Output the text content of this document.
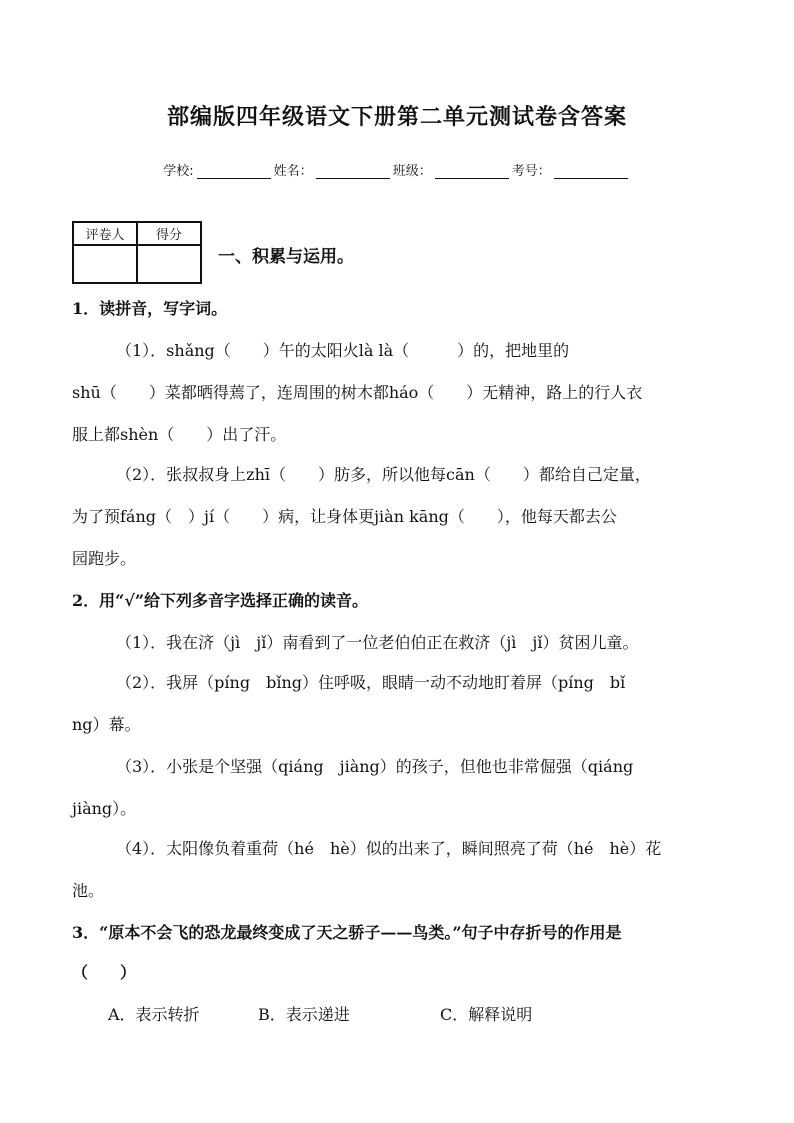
部编版四年级语文下册第二单元测试卷含答案
学校:	姓名：	班级：	考号：
评卷人	得分

一、积累与运用。
1．读拼音，写字词。
（1）．shǎng（　　）午的太阳火là là（　　　）的，把地里的
shū（　　）菜都晒得蔫了，连周围的树木都háo（　　）无精神，路上的行人衣
服上都shèn（　　）出了汗。
（2）．张叔叔身上zhī（　　）肪多，所以他每cān（　　）都给自己定量，
为了预fáng（　）jí（　　）病，让身体更jiàn kāng（　　），他每天都去公
园跑步。
2．用“√”给下列多音字选择正确的读音。
（1）．我在济（jì　jǐ）南看到了一位老伯伯正在救济（jì　jǐ）贫困儿童。
（2）．我屏（píng　bǐng）住呼吸，眼睛一动不动地盯着屏（píng　bǐ
ng）幕。
（3）．小张是个坚强（qiáng　jiàng）的孩子，但他也非常倔强（qiáng
jiàng）。
（4）．太阳像负着重荷（hé　hè）似的出来了，瞬间照亮了荷（hé　hè）花
池。
3．“原本不会飞的恐龙最终变成了天之骄子——鸟类。”句子中存折号的作用是
（　　）
A．表示转折	B．表示递进	C．解释说明
